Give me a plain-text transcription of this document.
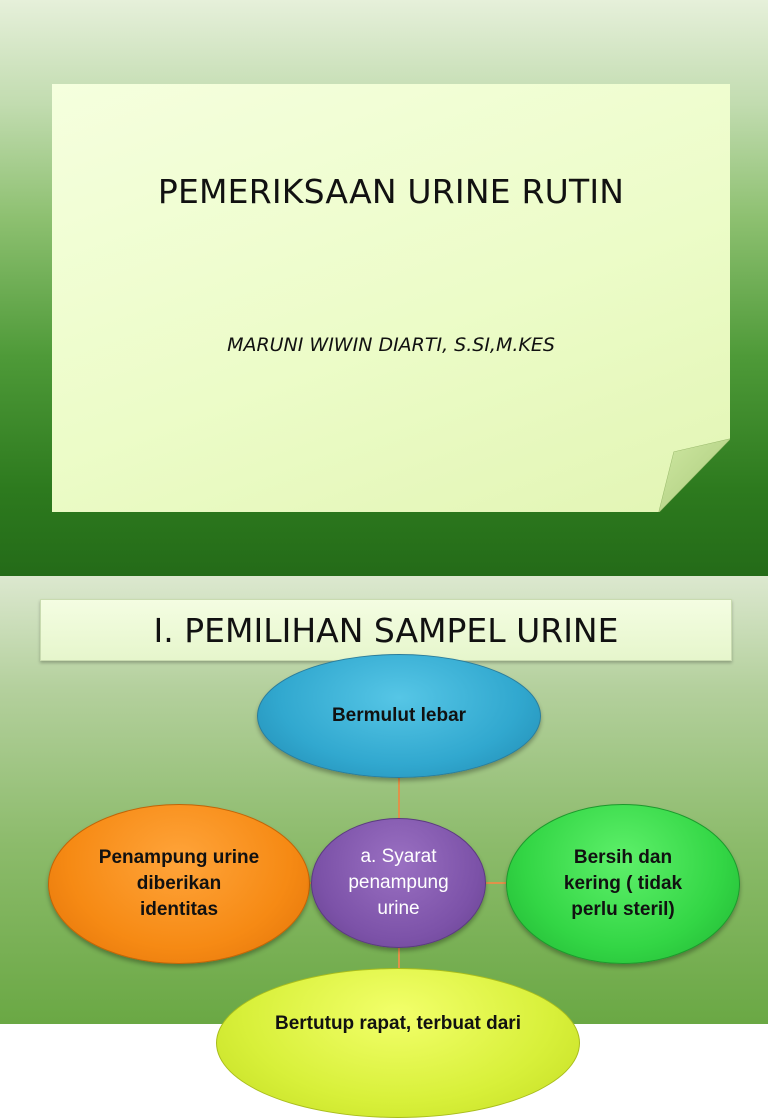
PEMERIKSAAN URINE RUTIN
MARUNI WIWIN DIARTI, S.SI,M.KES
I. PEMILIHAN SAMPEL URINE
Bermulut lebar
Penampung urine
diberikan
identitas
a. Syarat
penampung
urine
Bersih dan
kering ( tidak
perlu steril)
Bertutup rapat, terbuat dari
